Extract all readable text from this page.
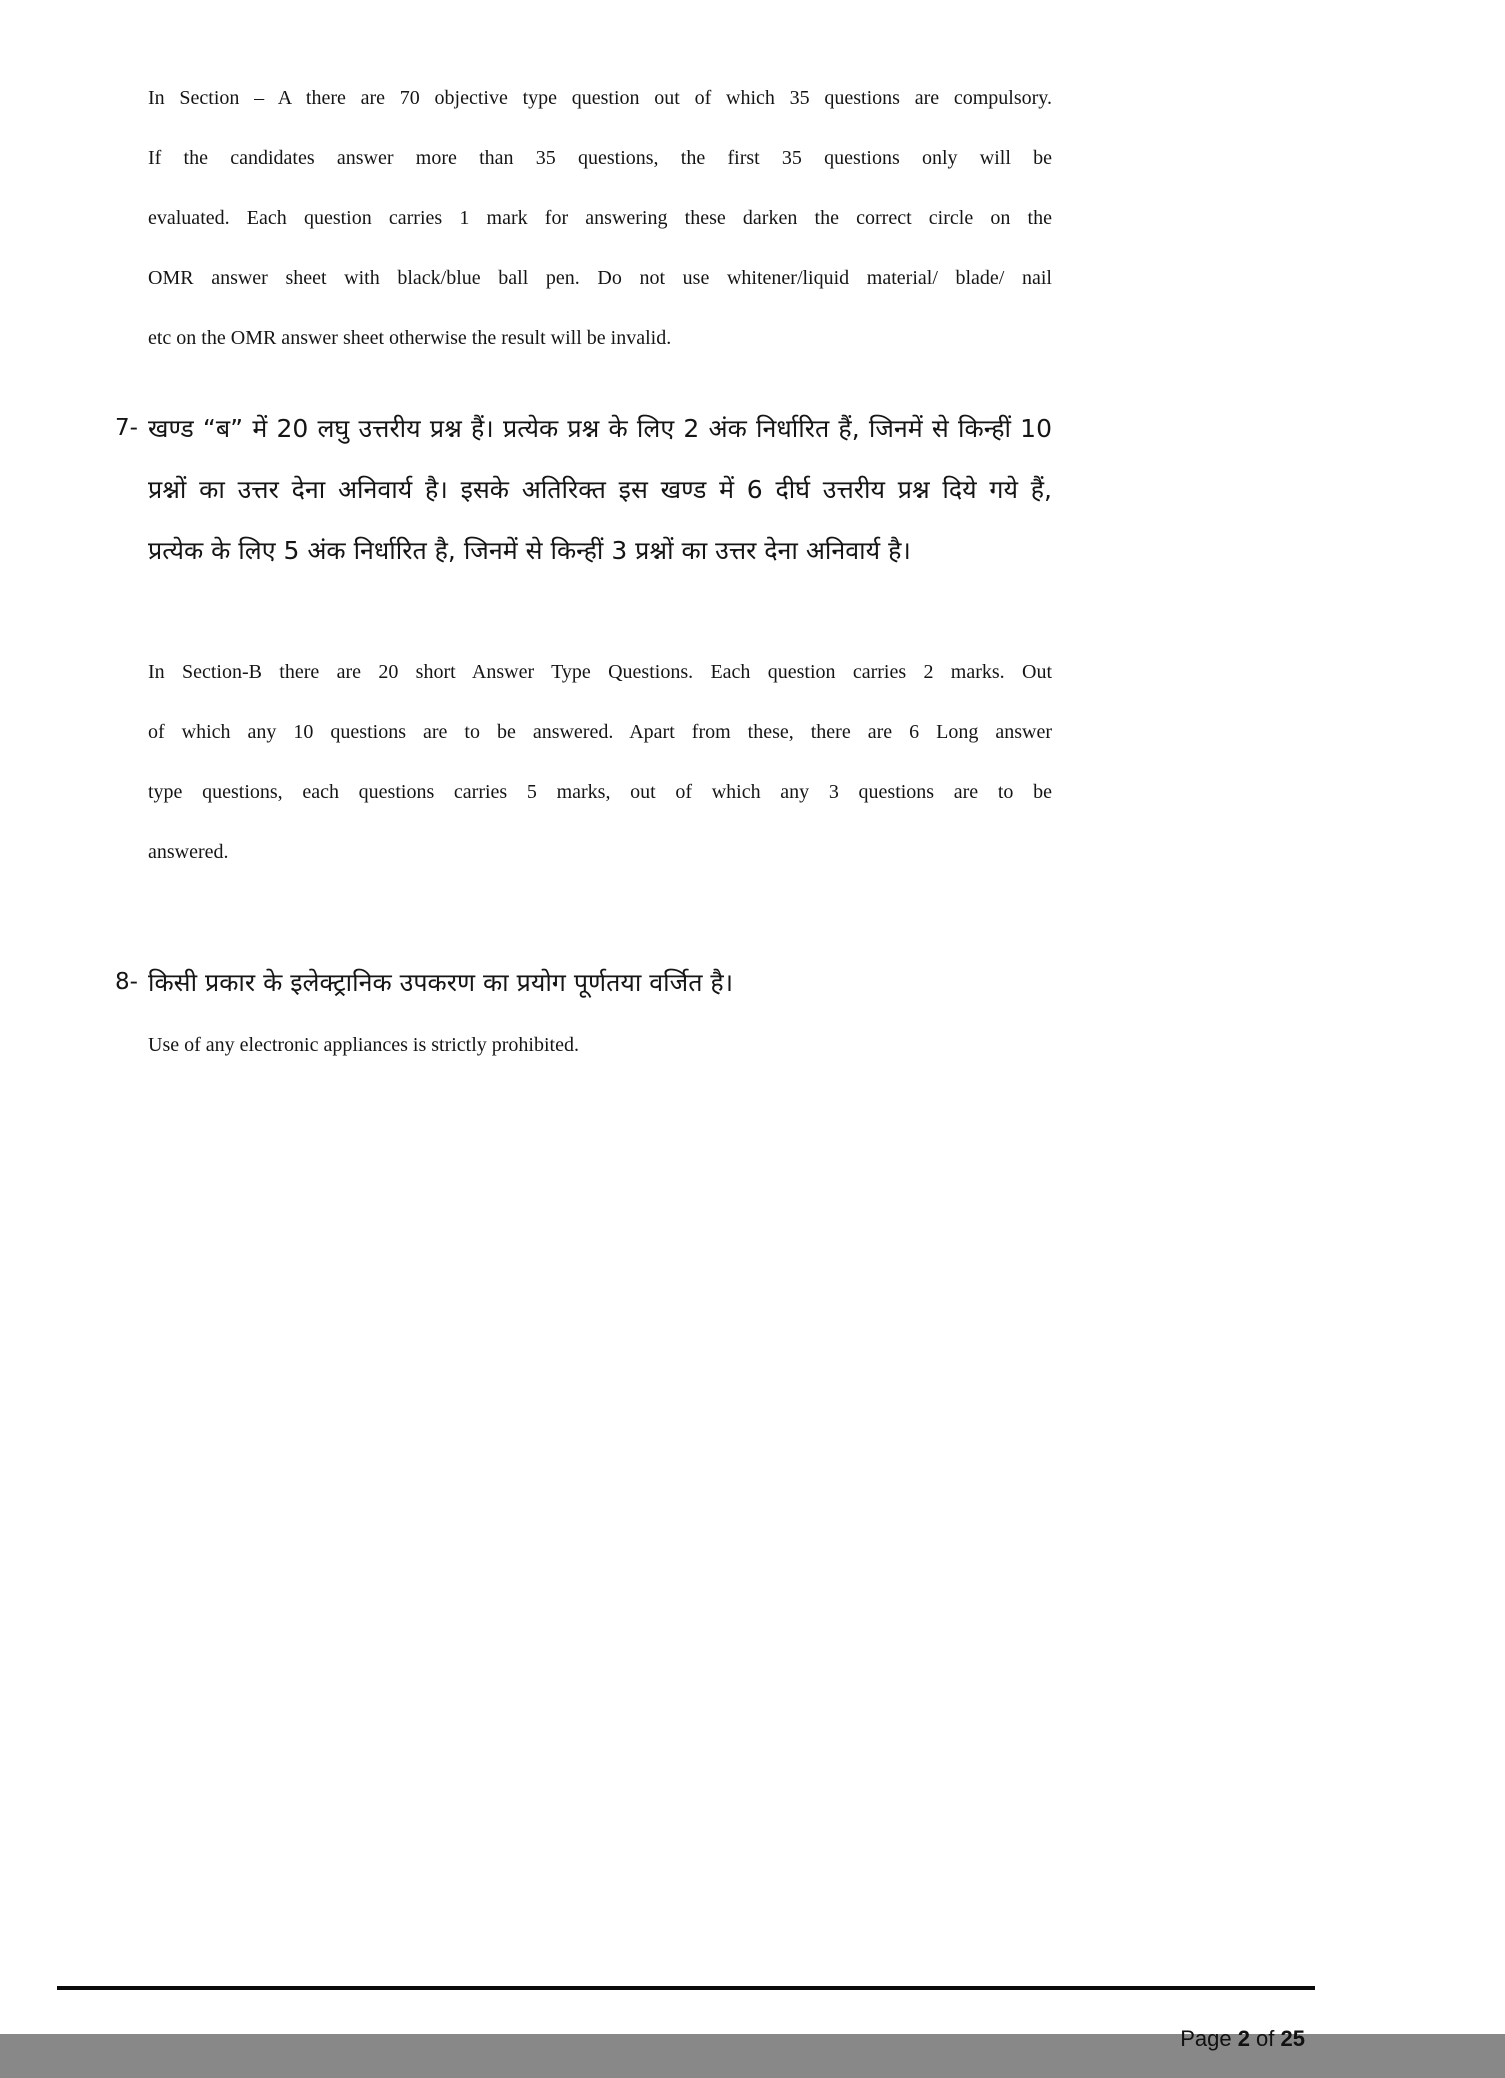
In Section – A there are 70 objective type question out of which 35 questions are compulsory.
If the candidates answer more than 35 questions, the first 35 questions only will be
evaluated. Each question carries 1 mark for answering these darken the correct circle on the
OMR answer sheet with black/blue ball pen. Do not use whitener/liquid material/ blade/ nail
etc on the OMR answer sheet otherwise the result will be invalid.
7- खण्ड “ब” में 20 लघु उत्तरीय प्रश्न हैं। प्रत्येक प्रश्न के लिए 2 अंक निर्धारित हैं, जिनमें से किन्हीं 10
प्रश्नों का उत्तर देना अनिवार्य है। इसके अतिरिक्त इस खण्ड में 6 दीर्घ उत्तरीय प्रश्न दिये गये हैं,
प्रत्येक के लिए 5 अंक निर्धारित है, जिनमें से किन्हीं 3 प्रश्नों का उत्तर देना अनिवार्य है।
In Section-B there are 20 short Answer Type Questions. Each question carries 2 marks. Out
of which any 10 questions are to be answered. Apart from these, there are 6 Long answer
type questions, each questions carries 5 marks, out of which any 3 questions are to be
answered.
8- किसी प्रकार के इलेक्ट्रानिक उपकरण का प्रयोग पूर्णतया वर्जित है।
Use of any electronic appliances is strictly prohibited.

Page 2 of 25
